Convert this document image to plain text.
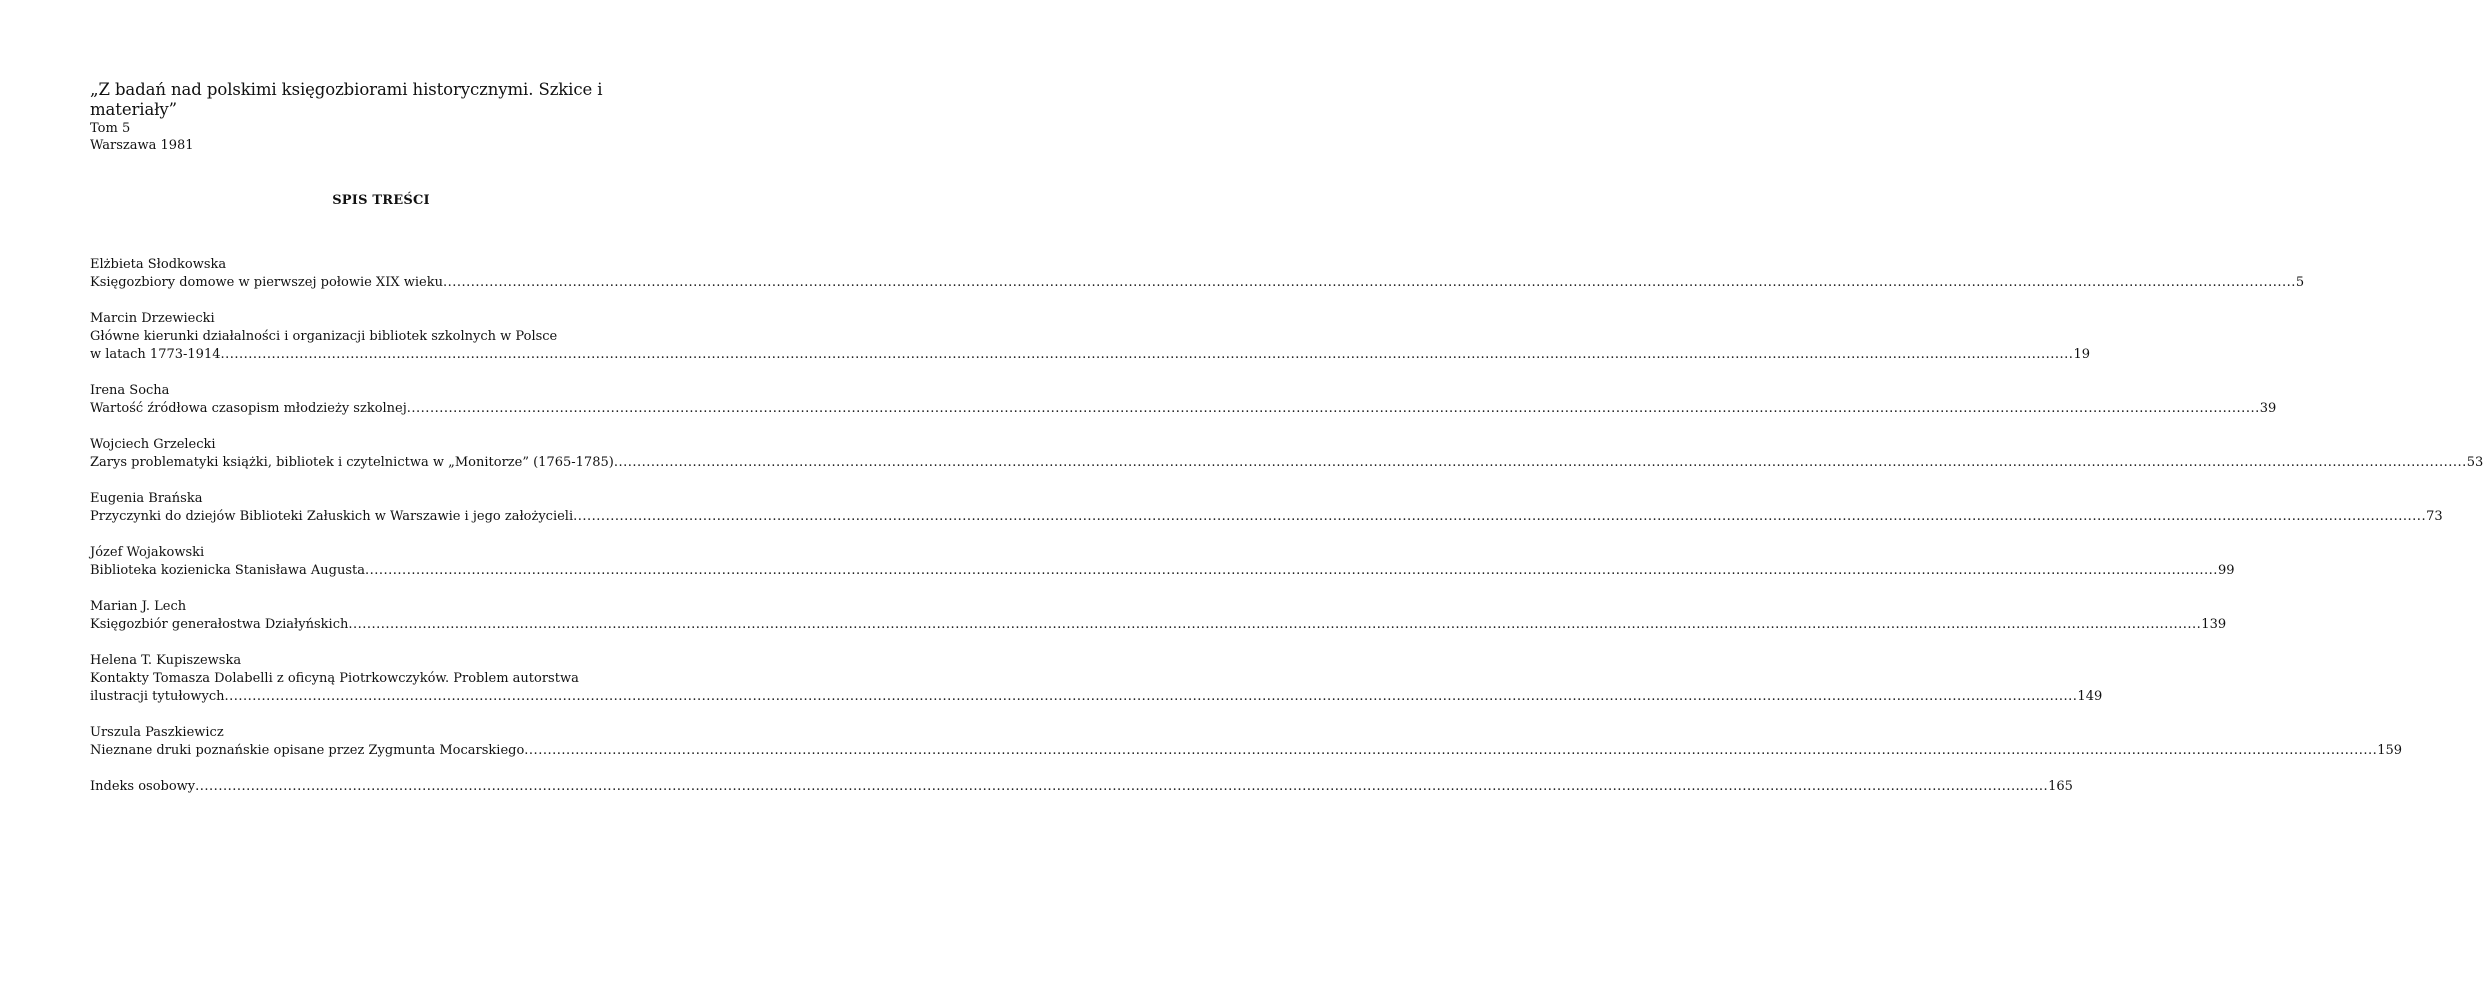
„Z badań nad polskimi księgozbiorami historycznymi. Szkice i materiały”

Tom 5

Warszawa 1981

SPIS TREŚCI
Elżbieta Słodkowska
Księgozbiory domowe w pierwszej połowie XIX wieku ................................................................................................................................................................................................................................................................................................................................................................................................................ 5
Marcin Drzewiecki
Główne kierunki działalności i organizacji bibliotek szkolnych w Polsce
w latach 1773-1914 ................................................................................................................................................................................................................................................................................................................................................................................................................ 19
Irena Socha
Wartość źródłowa czasopism młodzieży szkolnej ................................................................................................................................................................................................................................................................................................................................................................................................................ 39
Wojciech Grzelecki
Zarys problematyki książki, bibliotek i czytelnictwa w „Monitorze” (1765-1785) ................................................................................................................................................................................................................................................................................................................................................................................................................ 53
Eugenia Brańska
Przyczynki do dziejów Biblioteki Załuskich w Warszawie i jego założycieli ................................................................................................................................................................................................................................................................................................................................................................................................................ 73
Józef Wojakowski
Biblioteka kozienicka Stanisława Augusta ................................................................................................................................................................................................................................................................................................................................................................................................................ 99
Marian J. Lech
Księgozbiór generałostwa Działyńskich ................................................................................................................................................................................................................................................................................................................................................................................................................ 139
Helena T. Kupiszewska
Kontakty Tomasza Dolabelli z oficyną Piotrkowczyków. Problem autorstwa
ilustracji tytułowych ................................................................................................................................................................................................................................................................................................................................................................................................................ 149
Urszula Paszkiewicz
Nieznane druki poznańskie opisane przez Zygmunta Mocarskiego ................................................................................................................................................................................................................................................................................................................................................................................................................ 159
Indeks osobowy ................................................................................................................................................................................................................................................................................................................................................................................................................ 165
